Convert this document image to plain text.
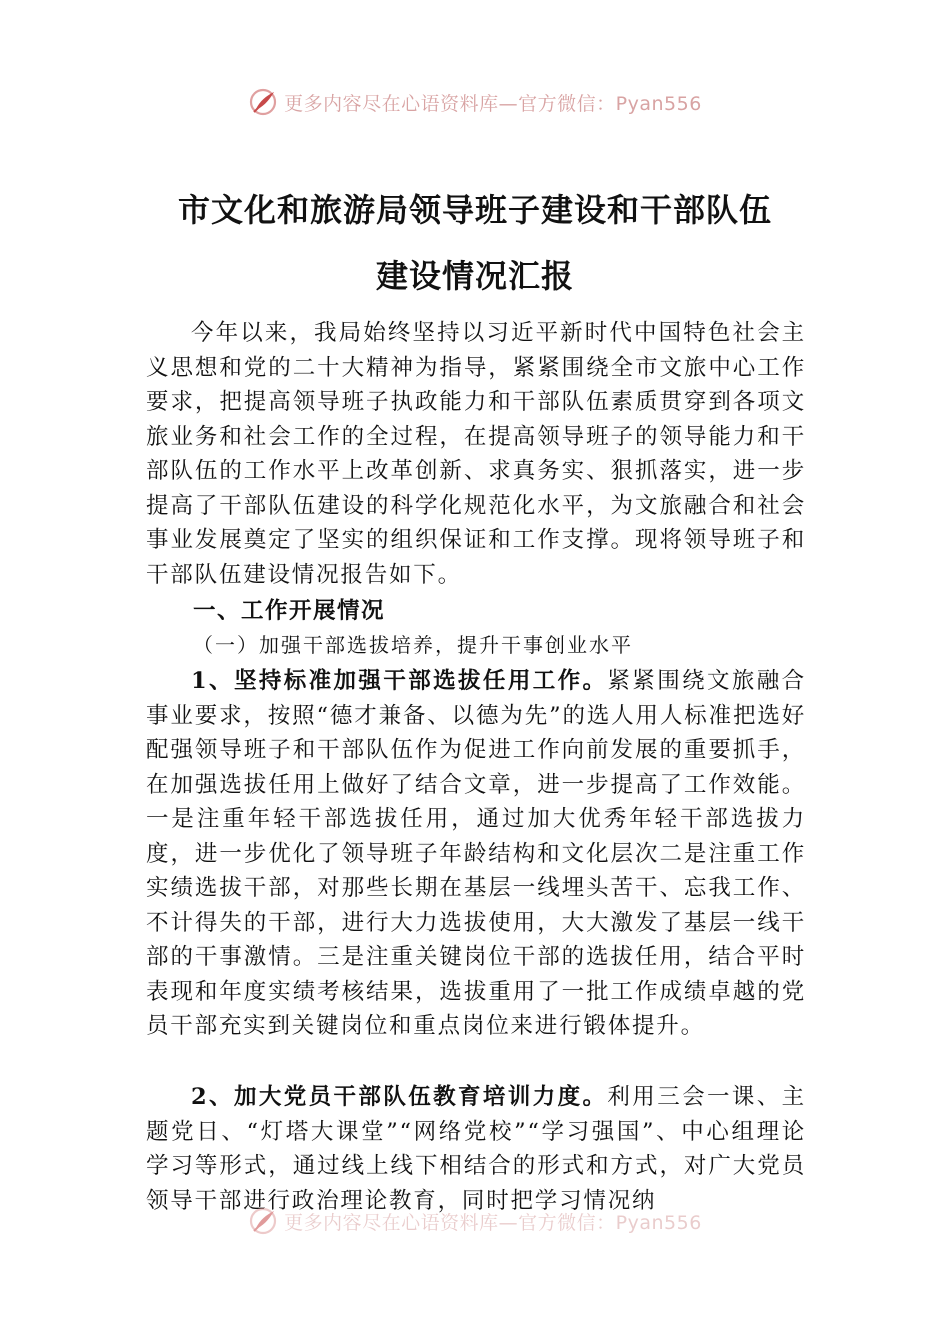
更多内容尽在心语资料库—官方微信：Pyan556
市文化和旅游局领导班子建设和干部队伍
建设情况汇报

今年以来，我局始终坚持以习近平新时代中国特色社会主义思想和党的二十大精神为指导，紧紧围绕全市文旅中心工作要求，把提高领导班子执政能力和干部队伍素质贯穿到各项文旅业务和社会工作的全过程，在提高领导班子的领导能力和干部队伍的工作水平上改革创新、求真务实、狠抓落实，进一步提高了干部队伍建设的科学化规范化水平，为文旅融合和社会事业发展奠定了坚实的组织保证和工作支撑。现将领导班子和干部队伍建设情况报告如下。

一、工作开展情况

（一）加强干部选拔培养，提升干事创业水平

1、坚持标准加强干部选拔任用工作。紧紧围绕文旅融合事业要求，按照“德才兼备、以德为先”的选人用人标准把选好配强领导班子和干部队伍作为促进工作向前发展的重要抓手，在加强选拔任用上做好了结合文章，进一步提高了工作效能。一是注重年轻干部选拔任用，通过加大优秀年轻干部选拔力度，进一步优化了领导班子年龄结构和文化层次二是注重工作实绩选拔干部，对那些长期在基层一线埋头苦干、忘我工作、不计得失的干部，进行大力选拔使用，大大激发了基层一线干部的干事激情。三是注重关键岗位干部的选拔任用，结合平时表现和年度实绩考核结果，选拔重用了一批工作成绩卓越的党员干部充实到关键岗位和重点岗位来进行锻体提升。

2、加大党员干部队伍教育培训力度。利用三会一课、主题党日、“灯塔大课堂”“网络党校”“学习强国”、中心组理论学习等形式，通过线上线下相结合的形式和方式，对广大党员领导干部进行政治理论教育，同时把学习情况纳

更多内容尽在心语资料库—官方微信：Pyan556
